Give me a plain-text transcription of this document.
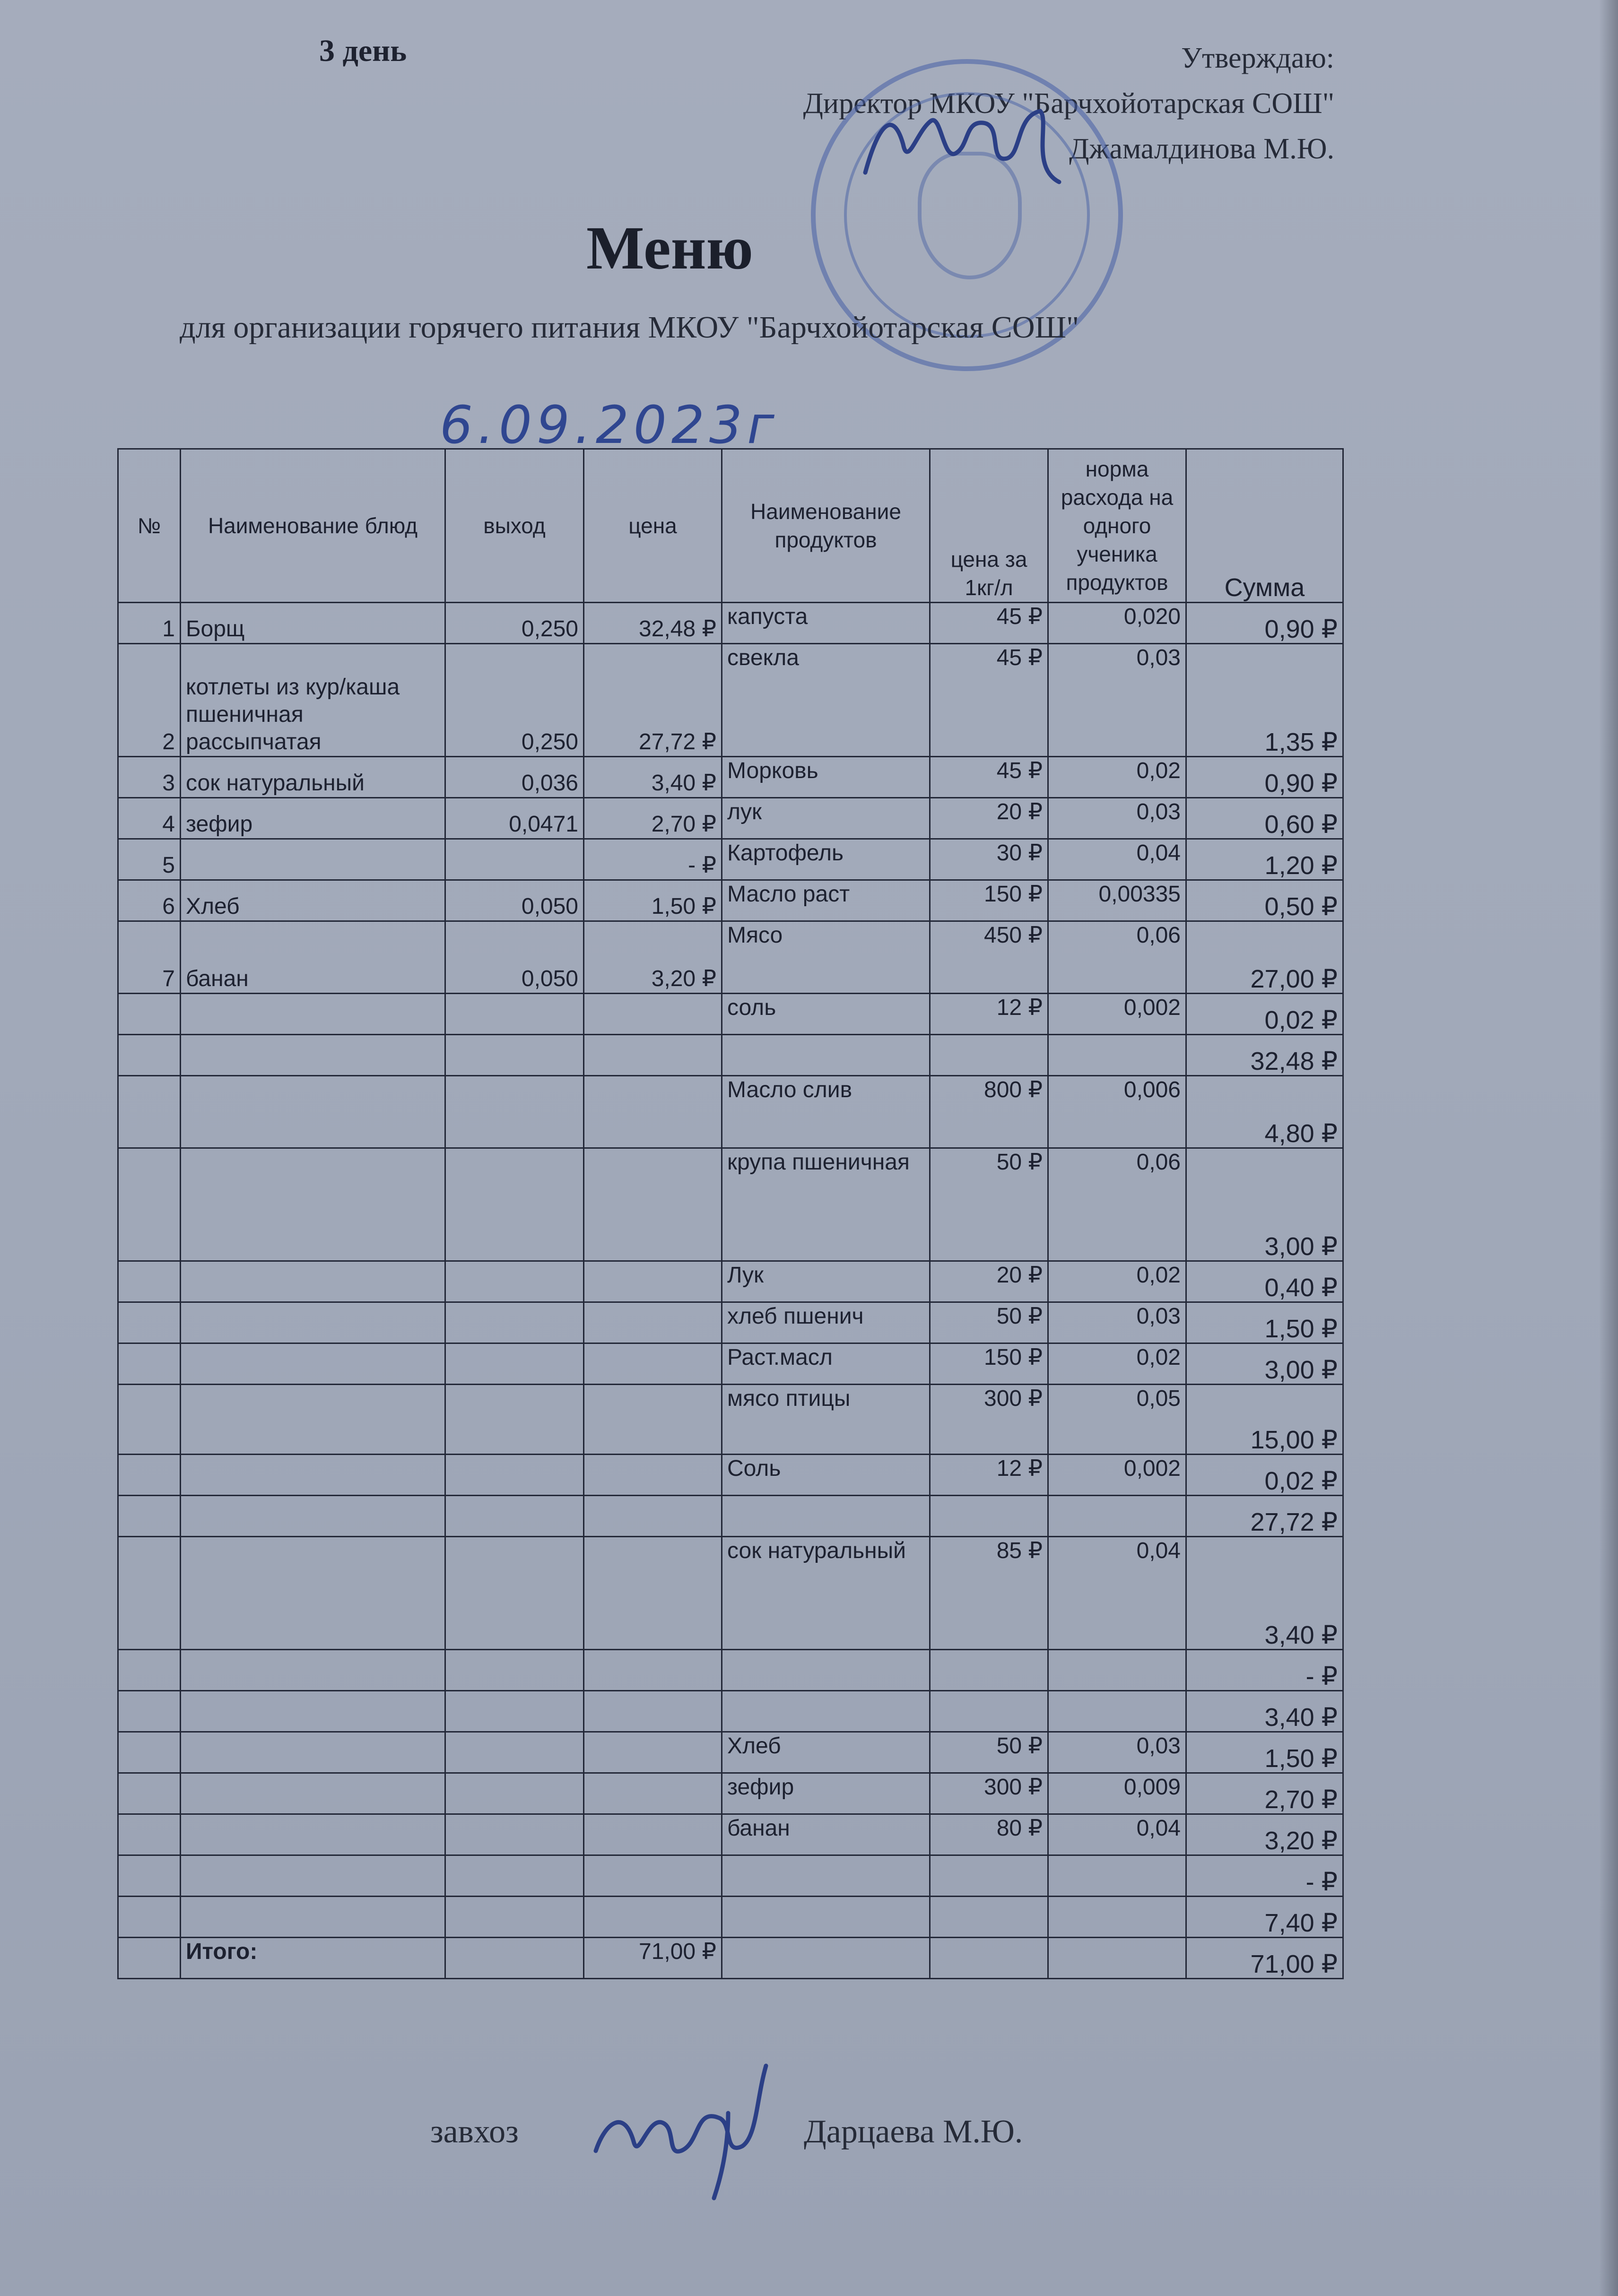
3 день	Утверждаю:
Директор МКОУ "Барчхойотарская СОШ"
Джамалдинова М.Ю.
Меню
для организации горячего питания МКОУ "Барчхойотарская СОШ"
6.09.2023г
№	Наименование блюд	выход	цена	Наименование продуктов	цена за 1кг/л	норма расхода на одного ученика продуктов	Сумма
1	Борщ	0,250	32,48 ₽	капуста	45 ₽	0,020	0,90 ₽
2	котлеты из кур/каша пшеничная рассыпчатая	0,250	27,72 ₽	свекла	45 ₽	0,03	1,35 ₽
3	сок натуральный	0,036	3,40 ₽	Морковь	45 ₽	0,02	0,90 ₽
4	зефир	0,0471	2,70 ₽	лук	20 ₽	0,03	0,60 ₽
5			- ₽	Картофель	30 ₽	0,04	1,20 ₽
6	Хлеб	0,050	1,50 ₽	Масло раст	150 ₽	0,00335	0,50 ₽
7	банан	0,050	3,20 ₽	Мясо	450 ₽	0,06	27,00 ₽
				соль	12 ₽	0,002	0,02 ₽
							32,48 ₽
				Масло слив	800 ₽	0,006	4,80 ₽
				крупа пшеничная	50 ₽	0,06	3,00 ₽
				Лук	20 ₽	0,02	0,40 ₽
				хлеб пшенич	50 ₽	0,03	1,50 ₽
				Раст.масл	150 ₽	0,02	3,00 ₽
				мясо птицы	300 ₽	0,05	15,00 ₽
				Соль	12 ₽	0,002	0,02 ₽
							27,72 ₽
				сок натуральный	85 ₽	0,04	3,40 ₽
							- ₽
							3,40 ₽
				Хлеб	50 ₽	0,03	1,50 ₽
				зефир	300 ₽	0,009	2,70 ₽
				банан	80 ₽	0,04	3,20 ₽
							- ₽
							7,40 ₽
	Итого:		71,00 ₽				71,00 ₽
завхоз	Дарцаева М.Ю.
